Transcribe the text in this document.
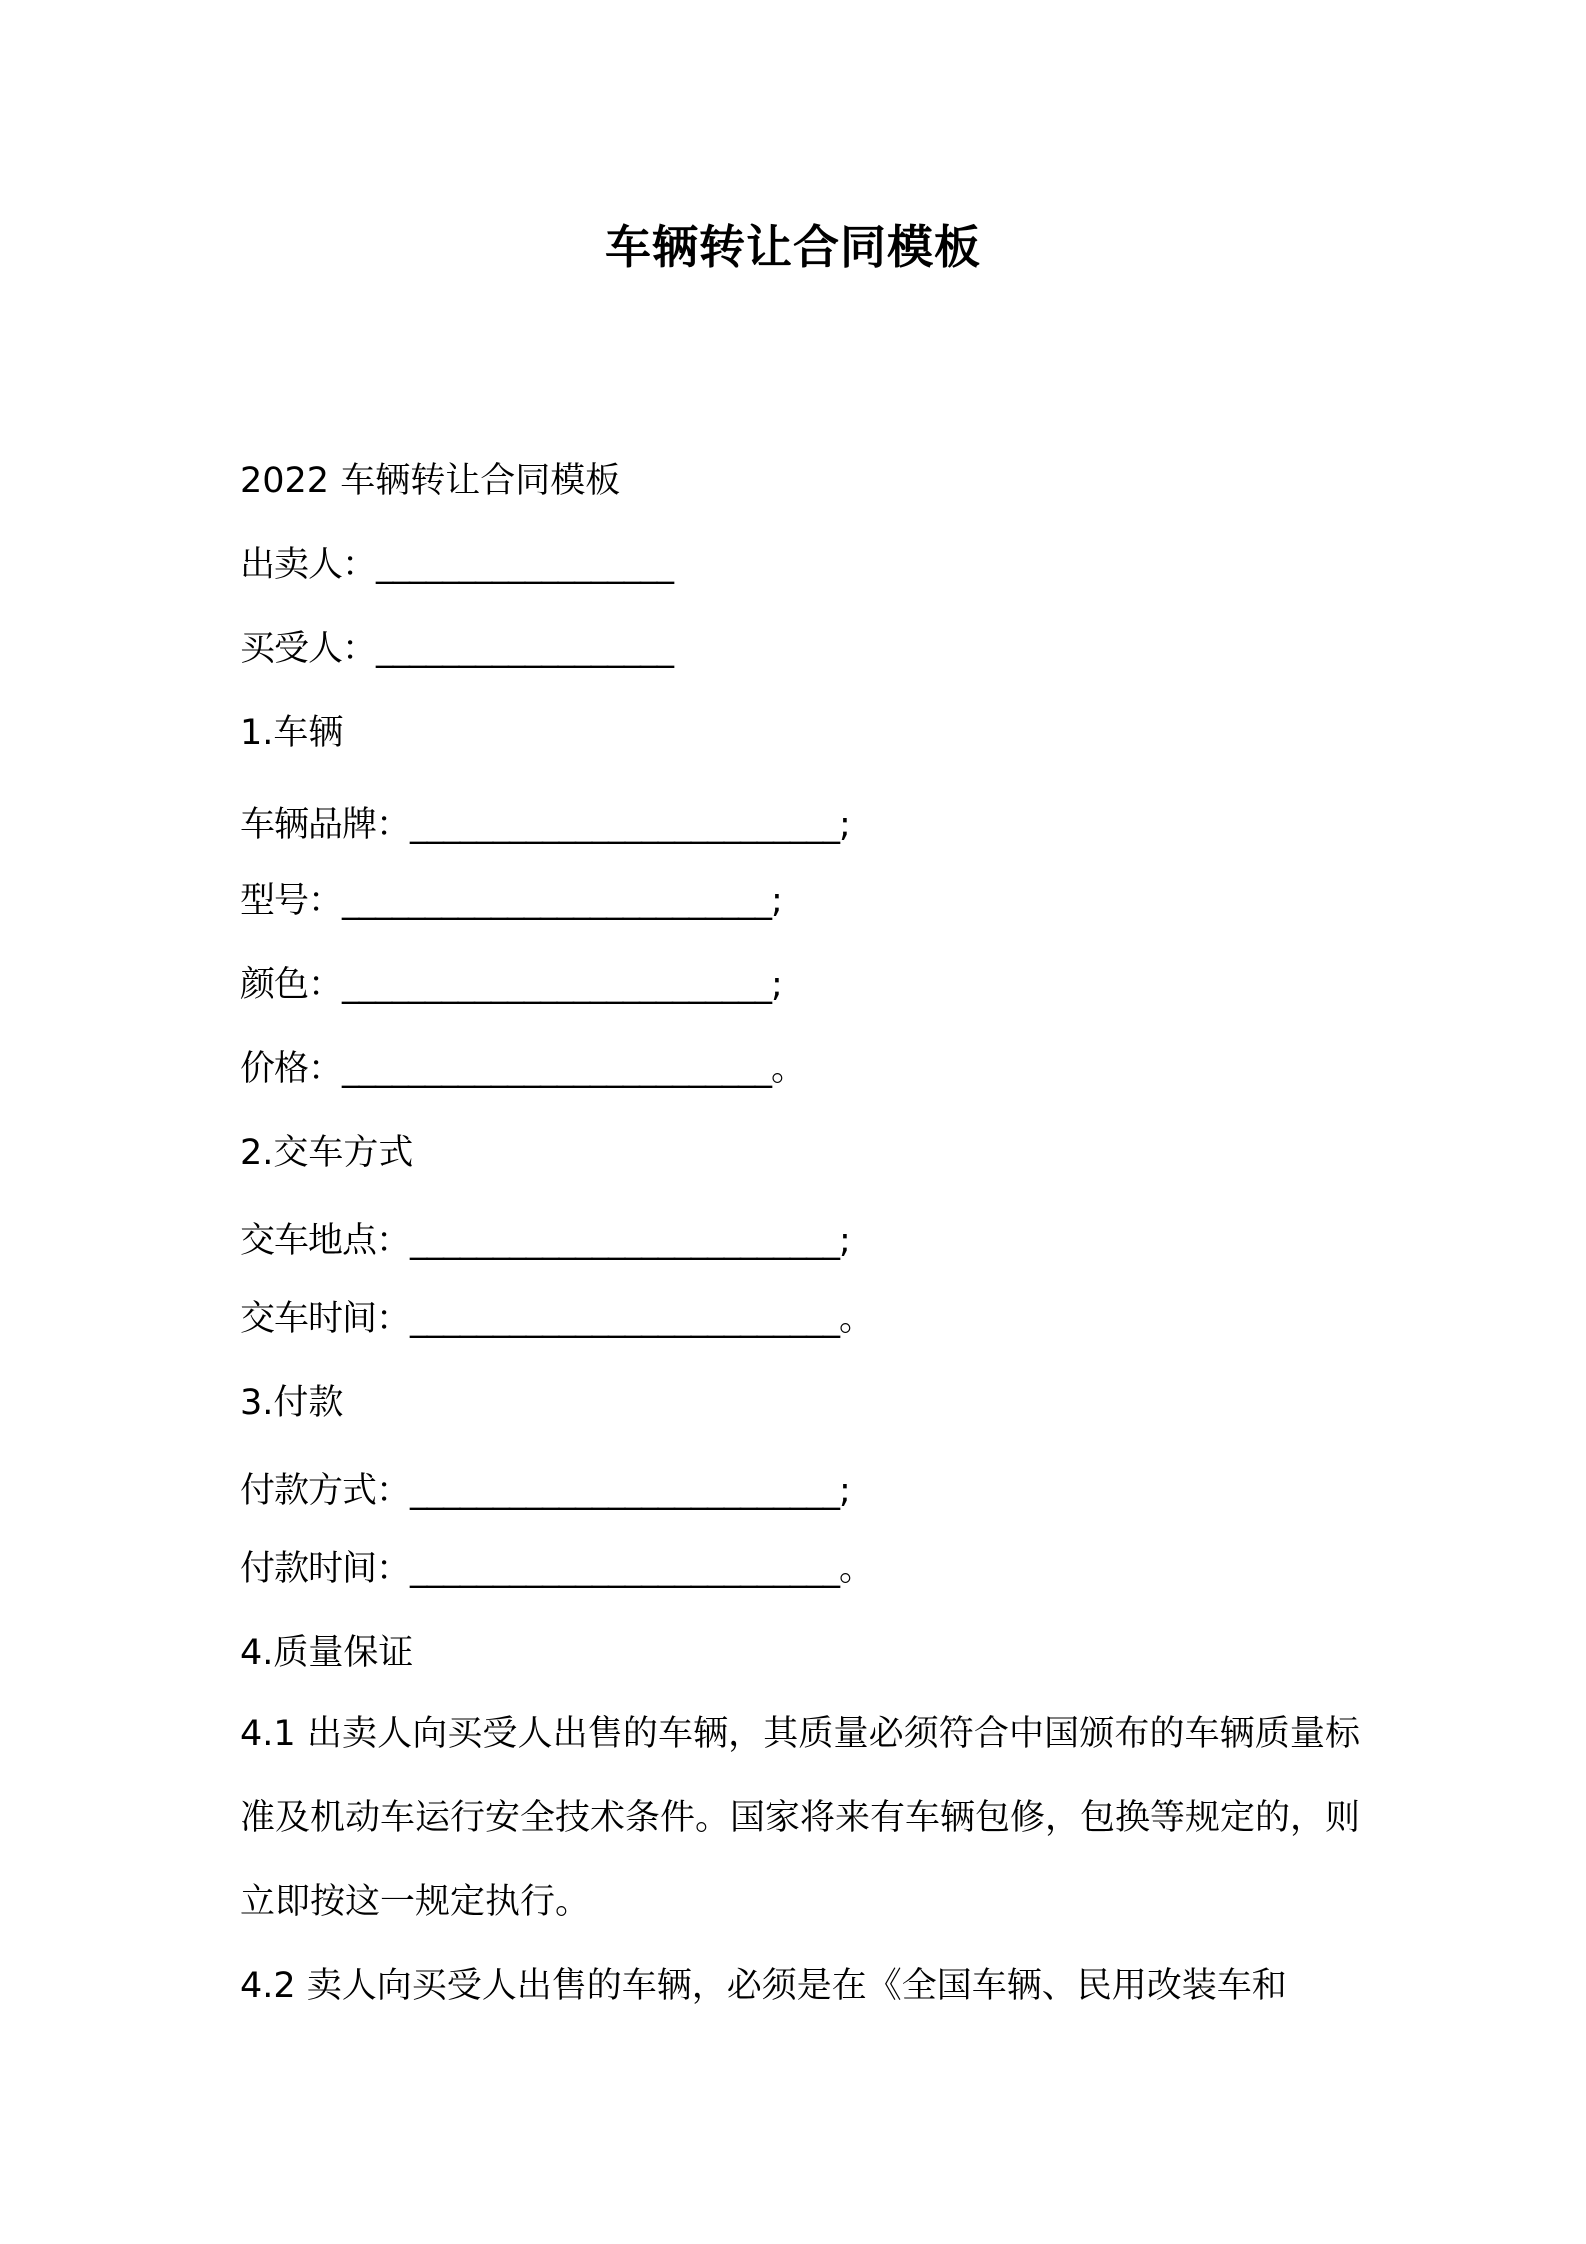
车辆转让合同模板
2022 车辆转让合同模板
出卖人：__________________
买受人：__________________
1.车辆
车辆品牌：__________________________;
型号：__________________________;
颜色：__________________________;
价格：__________________________。
2.交车方式
交车地点：__________________________;
交车时间：__________________________。
3.付款
付款方式：__________________________;
付款时间：__________________________。
4.质量保证
4.1 出卖人向买受人出售的车辆，其质量必须符合中国颁布的车辆质量标准及机动车运行安全技术条件。国家将来有车辆包修，包换等规定的，则立即按这一规定执行。
4.2 卖人向买受人出售的车辆，必须是在《全国车辆、民用改装车和
